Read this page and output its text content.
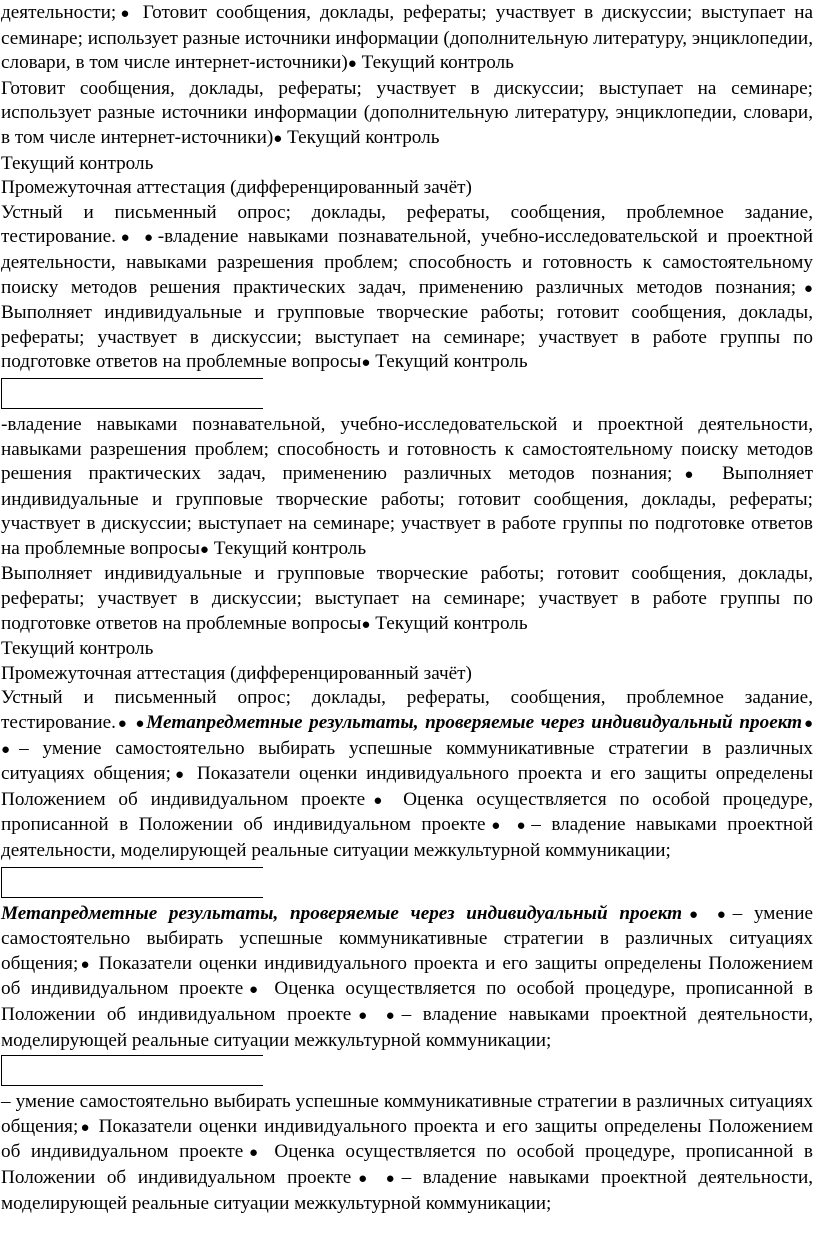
деятельности;● Готовит сообщения, доклады, рефераты; участвует в дискуссии; выступает на семинаре; использует разные источники информации (дополнительную литературу, энциклопедии, словари, в том числе интернет-источники)● Текущий контроль

Готовит сообщения, доклады, рефераты; участвует в дискуссии; выступает на семинаре; использует разные источники информации (дополнительную литературу, энциклопедии, словари, в том числе интернет-источники)● Текущий контроль

Текущий контроль

Промежуточная аттестация (дифференцированный зачёт)

Устный и письменный опрос; доклады, рефераты, сообщения, проблемное задание, тестирование.● ●-владение навыками познавательной, учебно-исследовательской и проектной деятельности, навыками разрешения проблем; способность и готовность к самостоятельному поиску методов решения практических задач, применению различных методов познания;● Выполняет индивидуальные и групповые творческие работы; готовит сообщения, доклады, рефераты; участвует в дискуссии; выступает на семинаре; участвует в работе группы по подготовке ответов на проблемные вопросы● Текущий контроль

-владение навыками познавательной, учебно-исследовательской и проектной деятельности, навыками разрешения проблем; способность и готовность к самостоятельному поиску методов решения практических задач, применению различных методов познания;● Выполняет индивидуальные и групповые творческие работы; готовит сообщения, доклады, рефераты; участвует в дискуссии; выступает на семинаре; участвует в работе группы по подготовке ответов на проблемные вопросы● Текущий контроль

Выполняет индивидуальные и групповые творческие работы; готовит сообщения, доклады, рефераты; участвует в дискуссии; выступает на семинаре; участвует в работе группы по подготовке ответов на проблемные вопросы● Текущий контроль

Текущий контроль

Промежуточная аттестация (дифференцированный зачёт)

Устный и письменный опрос; доклады, рефераты, сообщения, проблемное задание, тестирование.● ●Метапредметные результаты, проверяемые через индивидуальный проект● ●– умение самостоятельно выбирать успешные коммуникативные стратегии в различных ситуациях общения;● Показатели оценки индивидуального проекта и его защиты определены Положением об индивидуальном проекте● Оценка осуществляется по особой процедуре, прописанной в Положении об индивидуальном проекте● ●– владение навыками проектной деятельности, моделирующей реальные ситуации межкультурной коммуникации;

Метапредметные результаты, проверяемые через индивидуальный проект● ●– умение самостоятельно выбирать успешные коммуникативные стратегии в различных ситуациях общения;● Показатели оценки индивидуального проекта и его защиты определены Положением об индивидуальном проекте● Оценка осуществляется по особой процедуре, прописанной в Положении об индивидуальном проекте● ●– владение навыками проектной деятельности, моделирующей реальные ситуации межкультурной коммуникации;

– умение самостоятельно выбирать успешные коммуникативные стратегии в различных ситуациях общения;● Показатели оценки индивидуального проекта и его защиты определены Положением об индивидуальном проекте● Оценка осуществляется по особой процедуре, прописанной в Положении об индивидуальном проекте● ●– владение навыками проектной деятельности, моделирующей реальные ситуации межкультурной коммуникации;
